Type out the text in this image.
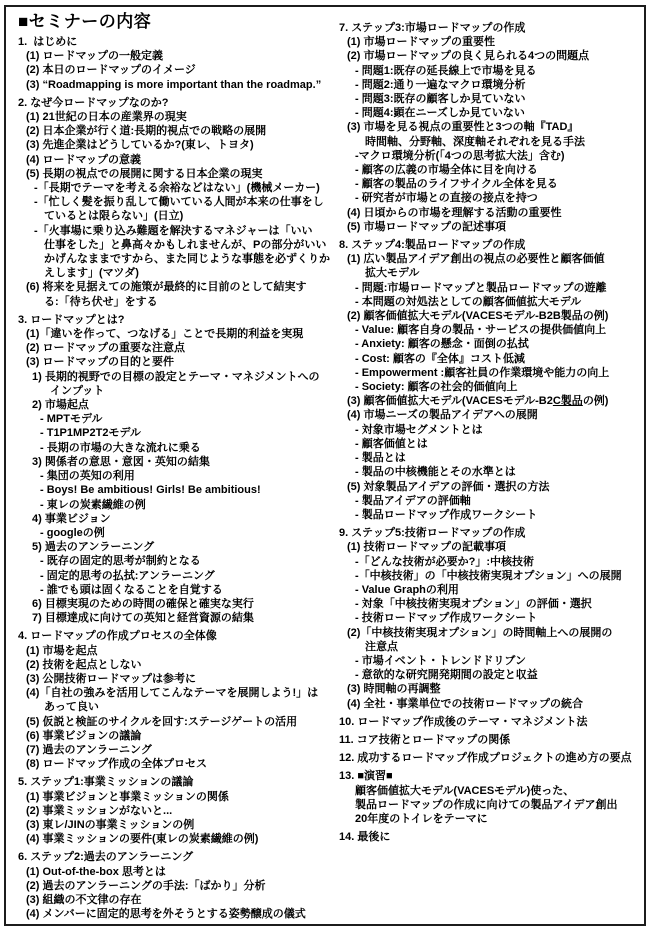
■セミナーの内容
1.  はじめに
(1) ロードマップの一般定義
(2) 本日のロードマップのイメージ
(3) “Roadmapping is more important than the roadmap.”
2. なぜ今ロードマップなのか?
(1) 21世紀の日本の産業界の現実
(2) 日本企業が行く道:長期的視点での戦略の展開
(3) 先進企業はどうしているか?(東レ、トヨタ)
(4) ロードマップの意義
(5) 長期の視点での展開に関する日本企業の現実
-「長期でテーマを考える余裕などはない」(機械メーカー)
-「忙しく髪を振り乱して働いている人間が本来の仕事をし
ているとは限らない」(日立)
-「火事場に乗り込み難題を解決するマネジャーは「いい
仕事をした」と鼻高々かもしれませんが、Pの部分がいい
かげんなままですから、また同じような事態を必ずくりか
えします」(マツダ)
(6) 将来を見据えての施策が最終的に目前のとして結実す
る:「待ち伏せ」をする
3. ロードマップとは?
(1)「違いを作って、つなげる」ことで長期的利益を実現
(2) ロードマップの重要な注意点
(3) ロードマップの目的と要件
1) 長期的視野での目標の設定とテーマ・マネジメントへの
インプット
2) 市場起点
- MPTモデル
- T1P1MP2T2モデル
- 長期の市場の大きな流れに乗る
3) 関係者の意思・意図・英知の結集
- 集団の英知の利用
- Boys! Be ambitious! Girls! Be ambitious!
- 東レの炭素繊維の例
4) 事業ビジョン
- googleの例
5) 過去のアンラーニング
- 既存の固定的思考が制約となる
- 固定的思考の払拭:アンラーニング
- 誰でも頭は固くなることを自覚する
6) 目標実現のための時間の確保と確実な実行
7) 目標達成に向けての英知と経営資源の結集
4. ロードマップの作成プロセスの全体像
(1) 市場を起点
(2) 技術を起点としない
(3) 公開技術ロードマップは参考に
(4)「自社の強みを活用してこんなテーマを展開しよう!」は
あって良い
(5) 仮説と検証のサイクルを回す:ステージゲートの活用
(6) 事業ビジョンの議論
(7) 過去のアンラーニング
(8) ロードマップ作成の全体プロセス
5. ステップ1:事業ミッションの議論
(1) 事業ビジョンと事業ミッションの関係
(2) 事業ミッションがないと...
(3) 東レ/JINの事業ミッションの例
(4) 事業ミッションの要件(東レの炭素繊維の例)
6. ステップ2:過去のアンラーニング
(1) Out-of-the-box 思考とは
(2) 過去のアンラーニングの手法:「ばかり」分析
(3) 組織の不文律の存在
(4) メンバーに固定的思考を外そうとする姿勢醸成の儀式
7. ステップ3:市場ロードマップの作成
(1) 市場ロードマップの重要性
(2) 市場ロードマップの良く見られる4つの問題点
- 問題1:既存の延長線上で市場を見る
- 問題2:通り一遍なマクロ環境分析
- 問題3:既存の顧客しか見ていない
- 問題4:顕在ニーズしか見ていない
(3) 市場を見る視点の重要性と3つの軸『TAD』
時間軸、分野軸、深度軸それぞれを見る手法
-マクロ環境分析(「4つの思考拡大法」含む)
- 顧客の広義の市場全体に目を向ける
- 顧客の製品のライフサイクル全体を見る
- 研究者が市場との直接の接点を持つ
(4) 日頃からの市場を理解する活動の重要性
(5) 市場ロードマップの記述事項
8. ステップ4:製品ロードマップの作成
(1) 広い製品アイデア創出の視点の必要性と顧客価値
拡大モデル
- 問題:市場ロードマップと製品ロードマップの遊離
- 本問題の対処法としての顧客価値拡大モデル
(2) 顧客価値拡大モデル(VACESモデル-B2B製品の例)
- Value: 顧客自身の製品・サービスの提供価値向上
- Anxiety: 顧客の懸念・面倒の払拭
- Cost: 顧客の『全体』コスト低減
- Empowerment :顧客社員の作業環境や能力の向上
- Society: 顧客の社会的価値向上
(3) 顧客価値拡大モデル(VACESモデル-B2C製品の例)
(4) 市場ニーズの製品アイデアへの展開
- 対象市場セグメントとは
- 顧客価値とは
- 製品とは
- 製品の中核機能とその水準とは
(5) 対象製品アイデアの評価・選択の方法
- 製品アイデアの評価軸
- 製品ロードマップ作成ワークシート
9. ステップ5:技術ロードマップの作成
(1) 技術ロードマップの記載事項
-「どんな技術が必要か?」:中核技術
-「中核技術」の「中核技術実現オプション」への展開
- Value Graphの利用
- 対象「中核技術実現オプション」の評価・選択
- 技術ロードマップ作成ワークシート
(2)「中核技術実現オプション」の時間軸上への展開の
注意点
- 市場イベント・トレンドドリブン
- 意欲的な研究開発期間の設定と収益
(3) 時間軸の再調整
(4) 全社・事業単位での技術ロードマップの統合
10. ロードマップ作成後のテーマ・マネジメント法
11. コア技術とロードマップの関係
12. 成功するロードマップ作成プロジェクトの進め方の要点
13. ■演習■
顧客価値拡大モデル(VACESモデル)使った、
製品ロードマップの作成に向けての製品アイデア創出
20年度のトイレをテーマに
14. 最後に
